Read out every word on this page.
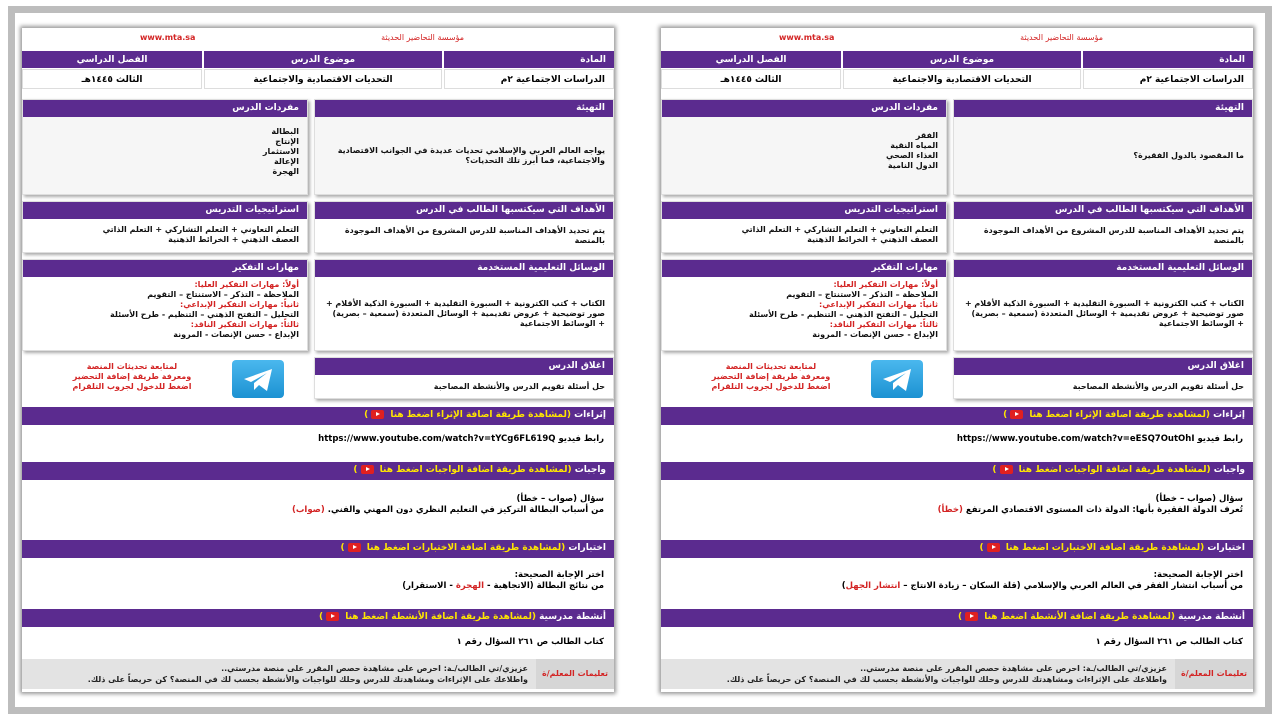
www.mta.sa	مؤسسة التحاضير الحديثة
الفصل الدراسي	موضوع الدرس	المادة
الثالث ١٤٤٥هـ	التحديات الاقتصادية والاجتماعية	الدراسات الاجتماعية ٢م
التهيئة
يواجه العالم العربي والإسلامي تحديات عديدة في الجوانب الاقتصادية والاجتماعية، فما أبرز تلك التحديات؟
مفردات الدرس
البطالة
الإنتاج
الاستثمار
الإعالة
الهجرة
الأهداف التي سيكتسبها الطالب في الدرس
يتم تحديد الأهداف المناسبة للدرس المشروع من الأهداف الموجودة بالمنصة
استراتيجيات التدريس
التعلم التعاوني + التعلم التشاركي + التعلم الذاتي
العصف الذهني + الخرائط الذهنية
الوسائل التعليمية المستخدمة
الكتاب + كتب الكترونية + السبورة التقليدية + السبورة الذكية الأقلام + صور توضيحية + عروض تقديمية + الوسائل المتعددة (سمعية – بصرية) + الوسائط الاجتماعية
مهارات التفكير
أولاً: مهارات التفكير العليا:
الملاحظة – التذكر – الاستنتاج – التقويم
ثانياً: مهارات التفكير الإبداعي:
التحليل – التفتح الذهني – التنظيم - طرح الأسئلة
ثالثاً: مهارات التفكير الناقد:
الإبداع - حسن الإنصات - المرونة
لمتابعة تحديثات المنصة
ومعرفة طريقة إضافة التحضير
اضغط للدخول لجروب التلقرام
اغلاق الدرس
حل أسئلة تقويم الدرس والأنشطة المصاحبة
إثراءات (لمشاهدة طريقة اضافة الإثراء اضغط هنا )
رابط فيديو https://www.youtube.com/watch?v=tYCg6FL619Q
واجبات (لمشاهدة طريقة اضافة الواجبات اضغط هنا )
سؤال (صواب – خطأ)
من أسباب البطالة التركيز في التعليم النظري دون المهني والفني. (صواب)
اختبارات (لمشاهدة طريقة اضافة الاختبارات اضغط هنا )
اختر الإجابة الصحيحة:
من نتائج البطالة (الاتجاهية - الهجرة - الاستقرار)
أنشطة مدرسية (لمشاهدة طريقة اضافة الأنشطة اضغط هنا )
كتاب الطالب ص ٢٦١ السؤال رقم ١
تعليمات المعلم/ة
عزيزي/تي الطالب/ـة: احرص على مشاهدة حصص المقرر على منصة مدرستي..
واطلاعك على الإثراءات ومشاهدتك للدرس وحلك للواجبات والأنشطة بحسب لك في المنصة؟ كن حريصاً على ذلك.
www.mta.sa	مؤسسة التحاضير الحديثة
الفصل الدراسي	موضوع الدرس	المادة
الثالث ١٤٤٥هـ	التحديات الاقتصادية والاجتماعية	الدراسات الاجتماعية ٢م
التهيئة
ما المقصود بالدول الفقيرة؟
مفردات الدرس
الفقر
المياه النقية
الغذاء الصحي
الدول النامية
الأهداف التي سيكتسبها الطالب في الدرس
يتم تحديد الأهداف المناسبة للدرس المشروع من الأهداف الموجودة بالمنصة
استراتيجيات التدريس
التعلم التعاوني + التعلم التشاركي + التعلم الذاتي
العصف الذهني + الخرائط الذهنية
الوسائل التعليمية المستخدمة
الكتاب + كتب الكترونية + السبورة التقليدية + السبورة الذكية الأقلام + صور توضيحية + عروض تقديمية + الوسائل المتعددة (سمعية – بصرية) + الوسائط الاجتماعية
مهارات التفكير
أولاً: مهارات التفكير العليا:
الملاحظة – التذكر – الاستنتاج – التقويم
ثانياً: مهارات التفكير الإبداعي:
التحليل – التفتح الذهني – التنظيم - طرح الأسئلة
ثالثاً: مهارات التفكير الناقد:
الإبداع - حسن الإنصات - المرونة
لمتابعة تحديثات المنصة
ومعرفة طريقة إضافة التحضير
اضغط للدخول لجروب التلقرام
اغلاق الدرس
حل أسئلة تقويم الدرس والأنشطة المصاحبة
إثراءات (لمشاهدة طريقة اضافة الإثراء اضغط هنا )
رابط فيديو https://www.youtube.com/watch?v=eESQ7OutOhI
واجبات (لمشاهدة طريقة اضافة الواجبات اضغط هنا )
سؤال (صواب – خطأ)
تُعرف الدولة الفقيرة بأنها: الدولة ذات المستوى الاقتصادي المرتفع (خطأ)
اختبارات (لمشاهدة طريقة اضافة الاختبارات اضغط هنا )
اختر الإجابة الصحيحة:
من أسباب انتشار الفقر في العالم العربي والإسلامي (قلة السكان – زيادة الانتاج – انتشار الجهل)
أنشطة مدرسية (لمشاهدة طريقة اضافة الأنشطة اضغط هنا )
كتاب الطالب ص ٢٦١ السؤال رقم ١
تعليمات المعلم/ة
عزيزي/تي الطالب/ـة: احرص على مشاهدة حصص المقرر على منصة مدرستي..
واطلاعك على الإثراءات ومشاهدتك للدرس وحلك للواجبات والأنشطة بحسب لك في المنصة؟ كن حريصاً على ذلك.
